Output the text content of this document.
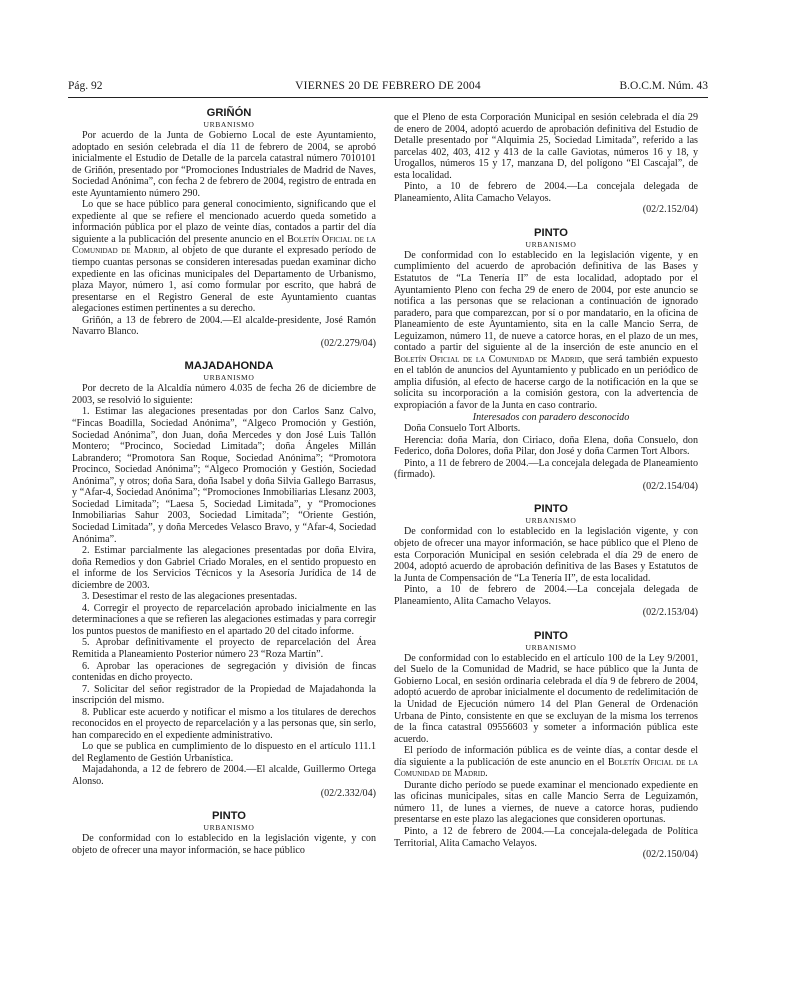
Pág. 92	VIERNES 20 DE FEBRERO DE 2004	B.O.C.M. Núm. 43

GRIÑÓN

URBANISMO

Por acuerdo de la Junta de Gobierno Local de este Ayuntamiento, adoptado en sesión celebrada el día 11 de febrero de 2004, se aprobó inicialmente el Estudio de Detalle de la parcela catastral número 7010101 de Griñón, presentado por “Promociones Industriales de Madrid de Naves, Sociedad Anónima”, con fecha 2 de febrero de 2004, registro de entrada en este Ayuntamiento número 290.

Lo que se hace público para general conocimiento, significando que el expediente al que se refiere el mencionado acuerdo queda sometido a información pública por el plazo de veinte días, contados a partir del día siguiente a la publicación del presente anuncio en el Boletín Oficial de la Comunidad de Madrid, al objeto de que durante el expresado período de tiempo cuantas personas se consideren interesadas puedan examinar dicho expediente en las oficinas municipales del Departamento de Urbanismo, plaza Mayor, número 1, así como formular por escrito, que habrá de presentarse en el Registro General de este Ayuntamiento cuantas alegaciones estimen pertinentes a su derecho.

Griñón, a 13 de febrero de 2004.—El alcalde-presidente, José Ramón Navarro Blanco.

(02/2.279/04)

MAJADAHONDA

URBANISMO

Por decreto de la Alcaldía número 4.035 de fecha 26 de diciembre de 2003, se resolvió lo siguiente:

1. Estimar las alegaciones presentadas por don Carlos Sanz Calvo, “Fincas Boadilla, Sociedad Anónima”, “Algeco Promoción y Gestión, Sociedad Anónima”, don Juan, doña Mercedes y don José Luis Tallón Montero; “Procinco, Sociedad Limitada”; doña Ángeles Millán Labrandero; “Promotora San Roque, Sociedad Anónima”; “Promotora Procinco, Sociedad Anónima”; “Algeco Promoción y Gestión, Sociedad Anónima”, y otros; doña Sara, doña Isabel y doña Silvia Gallego Barrasus, y “Afar-4, Sociedad Anónima”; “Promociones Inmobiliarias Llesanz 2003, Sociedad Limitada”; “Laesa 5, Sociedad Limitada”, y “Promociones Inmobiliarias Sahur 2003, Sociedad Limitada”; “Oriente Gestión, Sociedad Limitada”, y doña Mercedes Velasco Bravo, y “Afar-4, Sociedad Anónima”.

2. Estimar parcialmente las alegaciones presentadas por doña Elvira, doña Remedios y don Gabriel Criado Morales, en el sentido propuesto en el informe de los Servicios Técnicos y la Asesoría Jurídica de 14 de diciembre de 2003.

3. Desestimar el resto de las alegaciones presentadas.

4. Corregir el proyecto de reparcelación aprobado inicialmente en las determinaciones a que se refieren las alegaciones estimadas y para corregir los puntos puestos de manifiesto en el apartado 20 del citado informe.

5. Aprobar definitivamente el proyecto de reparcelación del Área Remitida a Planeamiento Posterior número 23 “Roza Martín”.

6. Aprobar las operaciones de segregación y división de fincas contenidas en dicho proyecto.

7. Solicitar del señor registrador de la Propiedad de Majadahonda la inscripción del mismo.

8. Publicar este acuerdo y notificar el mismo a los titulares de derechos reconocidos en el proyecto de reparcelación y a las personas que, sin serlo, han comparecido en el expediente administrativo.

Lo que se publica en cumplimiento de lo dispuesto en el artículo 111.1 del Reglamento de Gestión Urbanística.

Majadahonda, a 12 de febrero de 2004.—El alcalde, Guillermo Ortega Alonso.

(02/2.332/04)

PINTO

URBANISMO

De conformidad con lo establecido en la legislación vigente, y con objeto de ofrecer una mayor información, se hace público

que el Pleno de esta Corporación Municipal en sesión celebrada el día 29 de enero de 2004, adoptó acuerdo de aprobación definitiva del Estudio de Detalle presentado por “Alquimia 25, Sociedad Limitada”, referido a las parcelas 402, 403, 412 y 413 de la calle Gaviotas, números 16 y 18, y Urogallos, números 15 y 17, manzana D, del polígono “El Cascajal”, de esta localidad.

Pinto, a 10 de febrero de 2004.—La concejala delegada de Planeamiento, Alita Camacho Velayos.

(02/2.152/04)

PINTO

URBANISMO

De conformidad con lo establecido en la legislación vigente, y en cumplimiento del acuerdo de aprobación definitiva de las Bases y Estatutos de “La Tenería II” de esta localidad, adoptado por el Ayuntamiento Pleno con fecha 29 de enero de 2004, por este anuncio se notifica a las personas que se relacionan a continuación de ignorado paradero, para que comparezcan, por sí o por mandatario, en la oficina de Planeamiento de este Ayuntamiento, sita en la calle Mancio Serra, de Leguizamon, número 11, de nueve a catorce horas, en el plazo de un mes, contado a partir del siguiente al de la inserción de este anuncio en el Boletín Oficial de la Comunidad de Madrid, que será también expuesto en el tablón de anuncios del Ayuntamiento y publicado en un periódico de amplia difusión, al efecto de hacerse cargo de la notificación en la que se solicita su incorporación a la comisión gestora, con la advertencia de expropiación a favor de la Junta en caso contrario.

Interesados con paradero desconocido

Doña Consuelo Tort Alborts.

Herencia: doña María, don Ciriaco, doña Elena, doña Consuelo, don Federico, doña Dolores, doña Pilar, don José y doña Carmen Tort Albors.

Pinto, a 11 de febrero de 2004.—La concejala delegada de Planeamiento (firmado).

(02/2.154/04)

PINTO

URBANISMO

De conformidad con lo establecido en la legislación vigente, y con objeto de ofrecer una mayor información, se hace público que el Pleno de esta Corporación Municipal en sesión celebrada el día 29 de enero de 2004, adoptó acuerdo de aprobación definitiva de las Bases y Estatutos de la Junta de Compensación de “La Tenería II”, de esta localidad.

Pinto, a 10 de febrero de 2004.—La concejala delegada de Planeamiento, Alita Camacho Velayos.

(02/2.153/04)

PINTO

URBANISMO

De conformidad con lo establecido en el artículo 100 de la Ley 9/2001, del Suelo de la Comunidad de Madrid, se hace público que la Junta de Gobierno Local, en sesión ordinaria celebrada el día 9 de febrero de 2004, adoptó acuerdo de aprobar inicialmente el documento de redelimitación de la Unidad de Ejecución número 14 del Plan General de Ordenación Urbana de Pinto, consistente en que se excluyan de la misma los terrenos de la finca catastral 09556603 y someter a información pública este acuerdo.

El período de información pública es de veinte días, a contar desde el día siguiente a la publicación de este anuncio en el Boletín Oficial de la Comunidad de Madrid.

Durante dicho período se puede examinar el mencionado expediente en las oficinas municipales, sitas en calle Mancio Serra de Leguizamón, número 11, de lunes a viernes, de nueve a catorce horas, pudiendo presentarse en este plazo las alegaciones que consideren oportunas.

Pinto, a 12 de febrero de 2004.—La concejala-delegada de Política Territorial, Alita Camacho Velayos.

(02/2.150/04)
